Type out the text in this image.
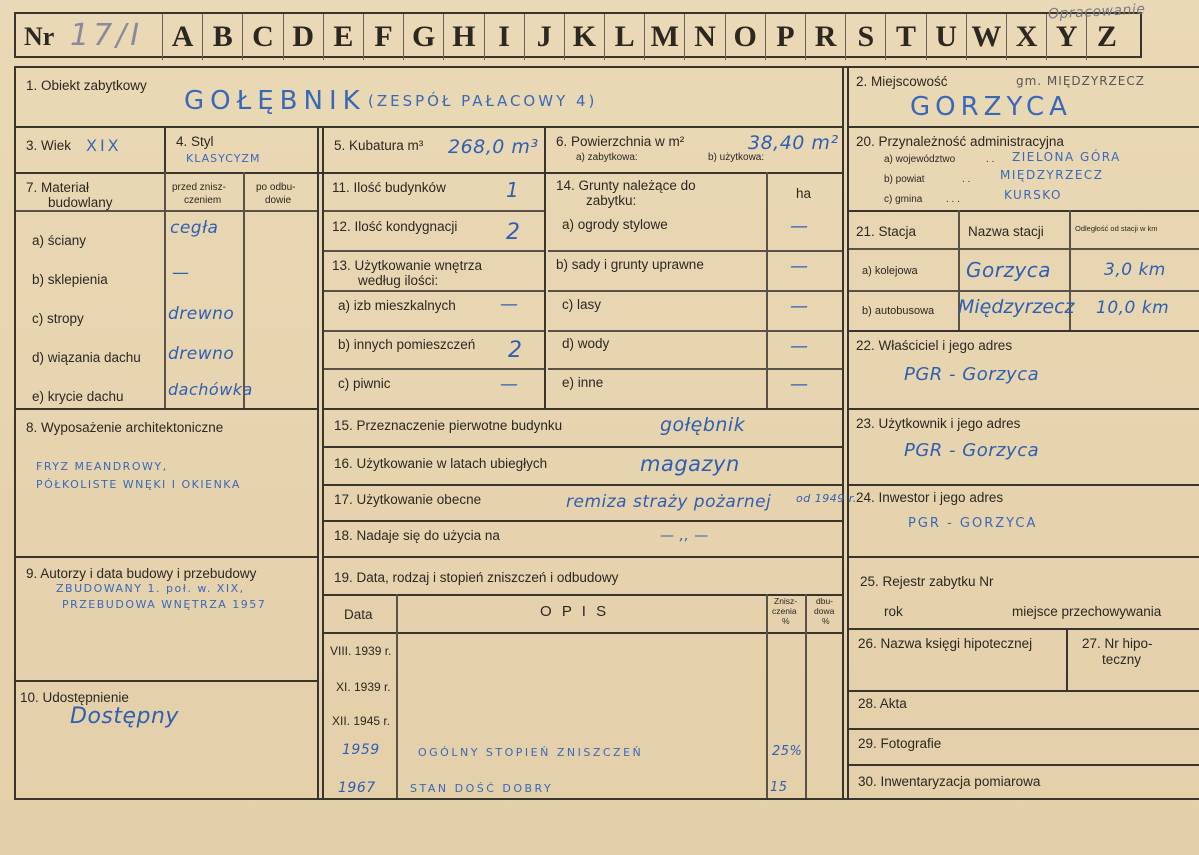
Nr 17/I A B C D E F G H I J K L M N O P R S T U W X Y Z
Opracowanie
1. Obiekt zabytkowy
GOŁĘBNIK (ZESPÓŁ PAŁACOWY 4)
2. Miejscowość	gm. MIĘDZYRZECZ
GORZYCA
3. Wiek XIX	4. Styl
KLASYCYZM
5. Kubatura m³ 268,0 m³ 6. Powierzchnia w m²
a) zabytkowa:	b) użytkowa:
38,40 m²
7. Materiał
budowlany
przed znisz-
czeniem
po odbu-
dowie
a) ściany
cegła
b) sklepienia	—
c) stropy	drewno
d) wiązania dachu drewno
e) krycie dachu	dachówka
8. Wyposażenie architektoniczne
FRYZ MEANDROWY,
PÓŁKOLISTE WNĘKI I OKIENKA
9. Autorzy i data budowy i przebudowy
ZBUDOWANY 1. poł. w. XIX,
PRZEBUDOWA WNĘTRZA 1957
10. Udostępnienie
Dostępny
11. Ilość budynków	1
12. Ilość kondygnacji 2
13. Użytkowanie wnętrza
według ilości:
a) izb mieszkalnych —
b) innych pomieszczeń 2
c) piwnic	—
14. Grunty należące do
zabytku:	ha
a) ogrody stylowe	—
b) sady i grunty uprawne	—
c) lasy	—
d) wody	—
e) inne	—
15. Przeznaczenie pierwotne budynku	gołębnik
16. Użytkowanie w latach ubiegłych	magazyn
17. Użytkowanie obecne	remiza straży pożarnej od 1949 r.
18. Nadaje się do użycia na	— ,, —
19. Data, rodzaj i stopień zniszczeń i odbudowy
Data	O P I S
Znisz-
czenia
%
dbu-
dowa
%
VIII. 1939 r.
XI. 1939 r.
XII. 1945 r.
1959	OGÓLNY STOPIEŃ ZNISZCZEŃ	25%
1967	STAN DOŚĆ DOBRY	15
20. Przynależność administracyjna
a) województwo	. . ZIELONA GÓRA
b) powiat	. . MIĘDZYRZECZ
c) gmina . . .	KURSKO
21. Stacja	Nazwa stacji	Odległość od stacji w km
a) kolejowa Gorzyca	3,0 km
b) autobusowa Międzyrzecz 10,0 km
22. Właściciel i jego adres
PGR - Gorzyca
23. Użytkownik i jego adres
PGR - Gorzyca
24. Inwestor i jego adres
PGR - GORZYCA
25. Rejestr zabytku Nr
rok	miejsce przechowywania
26. Nazwa księgi hipotecznej	27. Nr hipo-
teczny
28. Akta
29. Fotografie
30. Inwentaryzacja pomiarowa
